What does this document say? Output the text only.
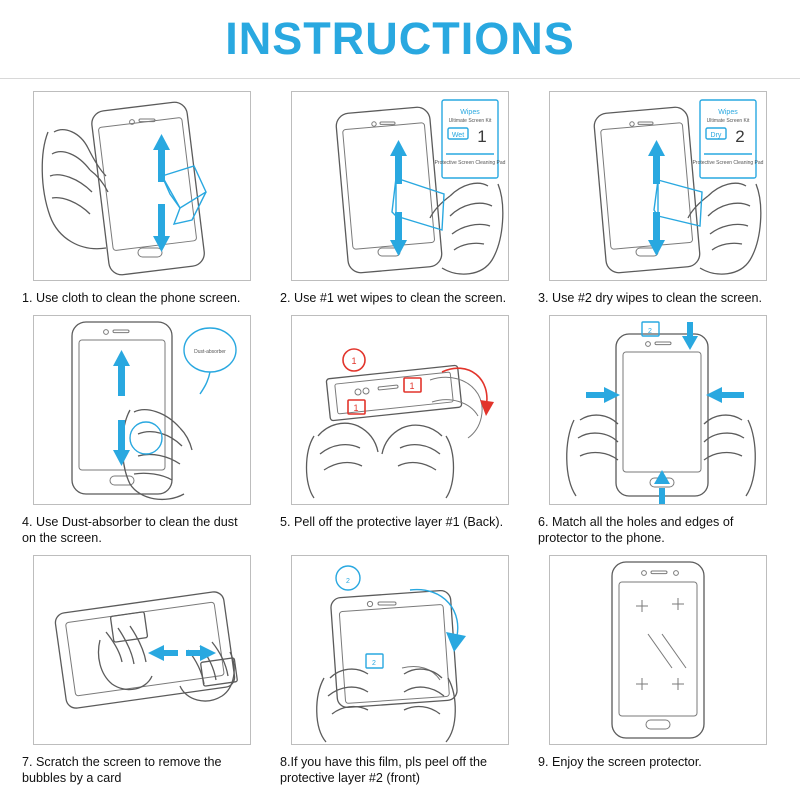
INSTRUCTIONS
1. Use cloth to clean the phone screen.
Wipes
Ultimate Screen Kit
Wet 1
Protective Screen Cleaning Pad
2. Use #1 wet wipes to clean the screen.
Wipes
Ultimate Screen Kit
Dry 2
Protective Screen Cleaning Pad
3. Use #2 dry wipes to clean the screen.
Dust-absorber
4. Use Dust-absorber to clean the dust on the screen.
1
1
1
5. Pell off the protective layer #1 (Back).
2
6. Match all the holes and edges of protector to the phone.
7. Scratch the screen to remove the bubbles by a card
2
2
8.If you have this film, pls peel off the protective layer #2 (front)
9. Enjoy the screen protector.
